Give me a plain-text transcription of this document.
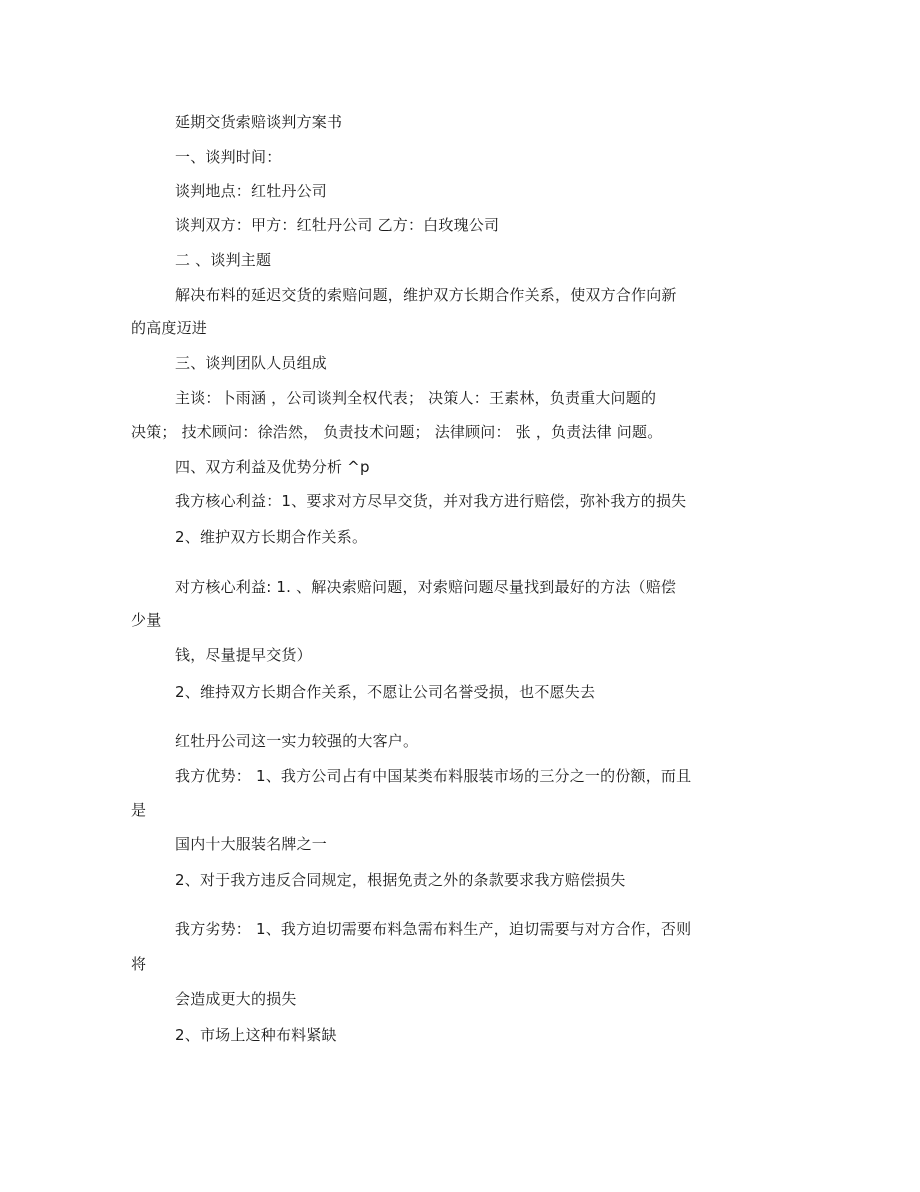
延期交货索赔谈判方案书
一、谈判时间：
谈判地点：红牡丹公司
谈判双方：甲方：红牡丹公司 乙方：白玫瑰公司
二 、谈判主题
解决布料的延迟交货的索赔问题，维护双方长期合作关系，使双方合作向新
的高度迈进
三、谈判团队人员组成
主谈：卜雨涵 ，公司谈判全权代表； 决策人：王素林，负责重大问题的
决策； 技术顾问：徐浩然， 负责技术问题； 法律顾问： 张 ，负责法律 问题。
四、双方利益及优势分析 ^p
我方核心利益：1、要求对方尽早交货，并对我方进行赔偿，弥补我方的损失
2、维护双方长期合作关系。
对方核心利益: 1. 、解决索赔问题，对索赔问题尽量找到最好的方法（赔偿
少量
钱，尽量提早交货）
2、维持双方长期合作关系，不愿让公司名誉受损，也不愿失去
红牡丹公司这一实力较强的大客户。
我方优势： 1、我方公司占有中国某类布料服装市场的三分之一的份额，而且
是
国内十大服装名牌之一
2、对于我方违反合同规定，根据免责之外的条款要求我方赔偿损失
我方劣势： 1、我方迫切需要布料急需布料生产，迫切需要与对方合作，否则
将
会造成更大的损失
2、市场上这种布料紧缺
